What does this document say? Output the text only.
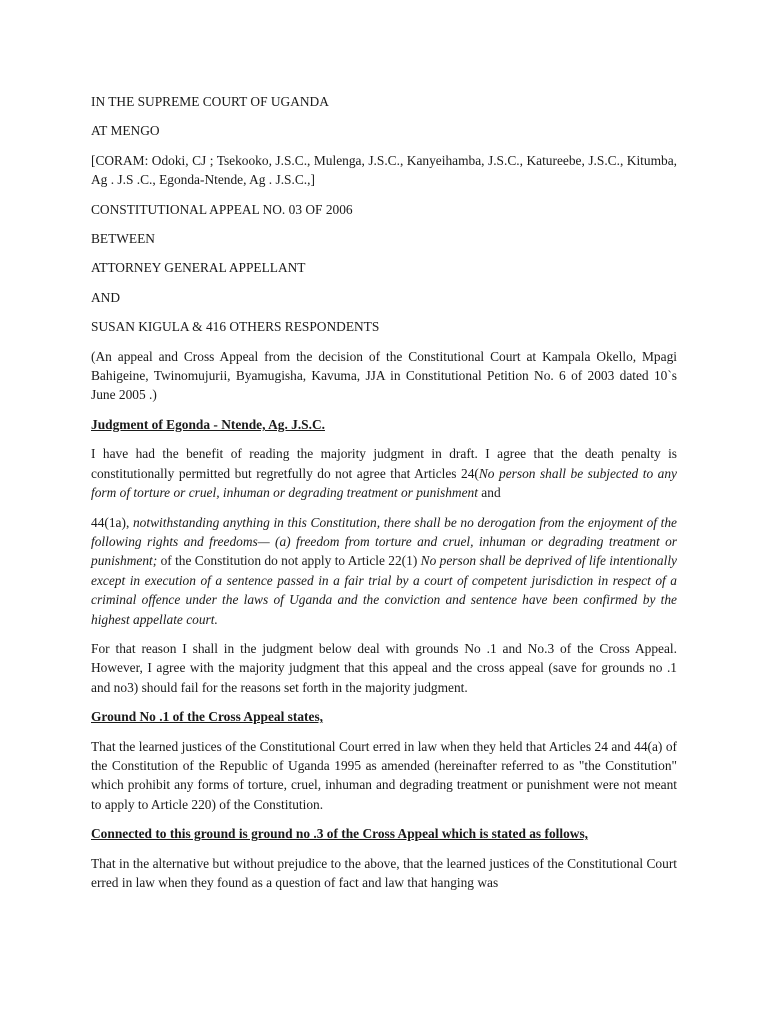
IN THE SUPREME COURT OF UGANDA

AT MENGO

[CORAM: Odoki, CJ ; Tsekooko, J.S.C., Mulenga, J.S.C., Kanyeihamba, J.S.C., Katureebe, J.S.C., Kitumba, Ag . J.S .C., Egonda-Ntende, Ag . J.S.C.,]

CONSTITUTIONAL APPEAL NO. 03 OF 2006

BETWEEN

ATTORNEY GENERAL APPELLANT

AND

SUSAN KIGULA & 416 OTHERS RESPONDENTS

(An appeal and Cross Appeal from the decision of the Constitutional Court at Kampala Okello, Mpagi Bahigeine, Twinomujurii, Byamugisha, Kavuma, JJA in Constitutional Petition No. 6 of 2003 dated 10`s June 2005 .)

Judgment of Egonda - Ntende, Ag. J.S.C.

I have had the benefit of reading the majority judgment in draft. I agree that the death penalty is constitutionally permitted but regretfully do not agree that Articles 24(No person shall be subjected to any form of torture or cruel, inhuman or degrading treatment or punishment and

44(1a), notwithstanding anything in this Constitution, there shall be no derogation from the enjoyment of the following rights and freedoms— (a) freedom from torture and cruel, inhuman or degrading treatment or punishment; of the Constitution do not apply to Article 22(1) No person shall be deprived of life intentionally except in execution of a sentence passed in a fair trial by a court of competent jurisdiction in respect of a criminal offence under the laws of Uganda and the conviction and sentence have been confirmed by the highest appellate court.

For that reason I shall in the judgment below deal with grounds No .1 and No.3 of the Cross Appeal. However, I agree with the majority judgment that this appeal and the cross appeal (save for grounds no .1 and no3) should fail for the reasons set forth in the majority judgment.

Ground No .1 of the Cross Appeal states,

That the learned justices of the Constitutional Court erred in law when they held that Articles 24 and 44(a) of the Constitution of the Republic of Uganda 1995 as amended (hereinafter referred to as "the Constitution" which prohibit any forms of torture, cruel, inhuman and degrading treatment or punishment were not meant to apply to Article 220) of the Constitution.

Connected to this ground is ground no .3 of the Cross Appeal which is stated as follows,

That in the alternative but without prejudice to the above, that the learned justices of the Constitutional Court erred in law when they found as a question of fact and law that hanging was
